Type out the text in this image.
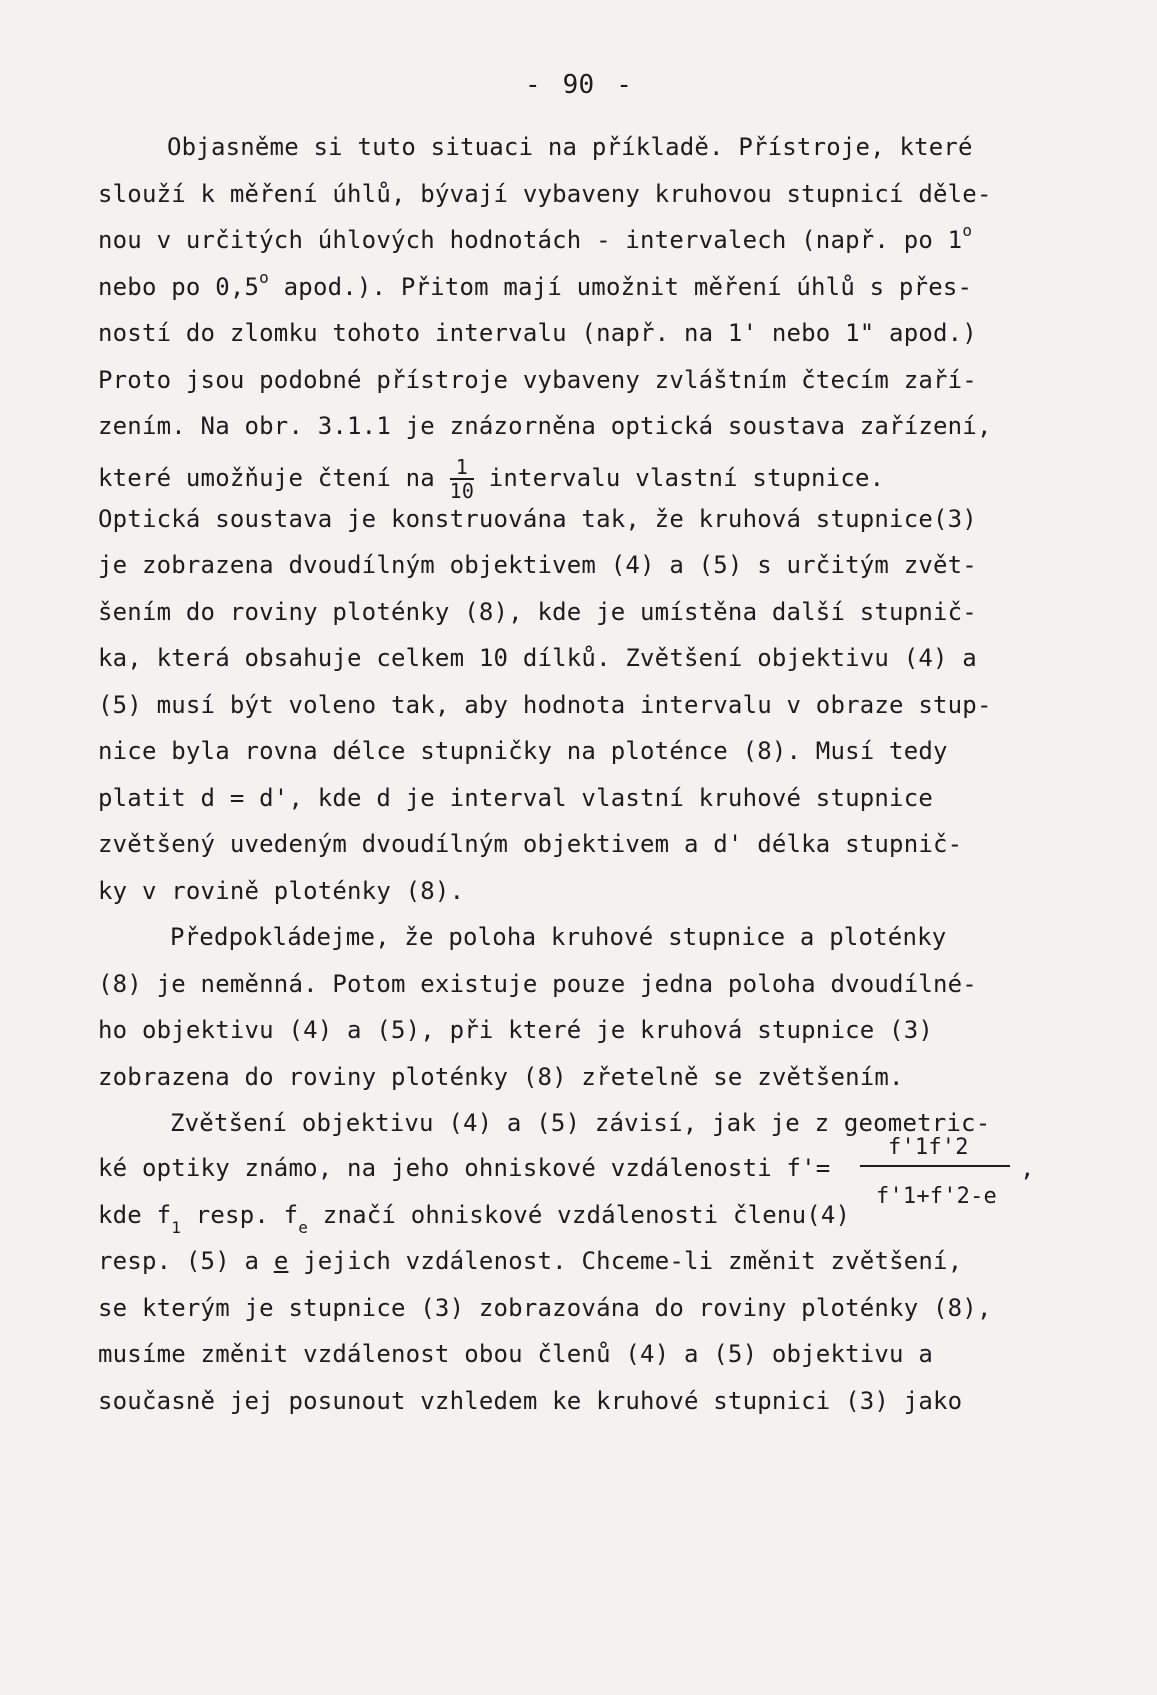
- 90 -
Objasněme si tuto situaci na příkladě. Přístroje, které
slouží k měření úhlů, bývají vybaveny kruhovou stupnicí děle-
nou v určitých úhlových hodnotách - intervalech (např. po 1$^o$
nebo po 0,5$^o$ apod.). Přitom mají umožnit měření úhlů s přes-
ností do zlomku tohoto intervalu (např. na 1' nebo 1" apod.)
Proto jsou podobné přístroje vybaveny zvláštním čtecím zaří-
zením. Na obr. 3.1.1 je znázorněna optická soustava zařízení,
které umožňuje čtení na $\frac{1}{10}$ intervalu vlastní stupnice.
Optická soustava je konstruována tak, že kruhová stupnice(3)
je zobrazena dvoudílným objektivem (4) a (5) s určitým zvět-
šením do roviny ploténky (8), kde je umístěna další stupnič-
ka, která obsahuje celkem 10 dílků. Zvětšení objektivu (4) a
(5) musí být voleno tak, aby hodnota intervalu v obraze stup-
nice byla rovna délce stupničky na ploténce (8). Musí tedy
platit d = d', kde d je interval vlastní kruhové stupnice
zvětšený uvedeným dvoudílným objektivem a d' délka stupnič-
ky v rovině ploténky (8).
Předpokládejme, že poloha kruhové stupnice a ploténky
(8) je neměnná. Potom existuje pouze jedna poloha dvoudílné-
ho objektivu (4) a (5), při které je kruhová stupnice (3)
zobrazena do roviny ploténky (8) zřetelně se zvětšením.
Zvětšení objektivu (4) a (5) závisí, jak je z geometric-
f'1f'2

ké optiky známo, na jeho ohniskové vzdálenosti f'=	,
f'1+f'2-e
kde $f_1$ resp. $f_e$ značí ohniskové vzdálenosti členu(4)
resp. (5) a e jejich vzdálenost. Chceme-li změnit zvětšení,
se kterým je stupnice (3) zobrazována do roviny ploténky (8),
musíme změnit vzdálenost obou členů (4) a (5) objektivu a
současně jej posunout vzhledem ke kruhové stupnici (3) jako
